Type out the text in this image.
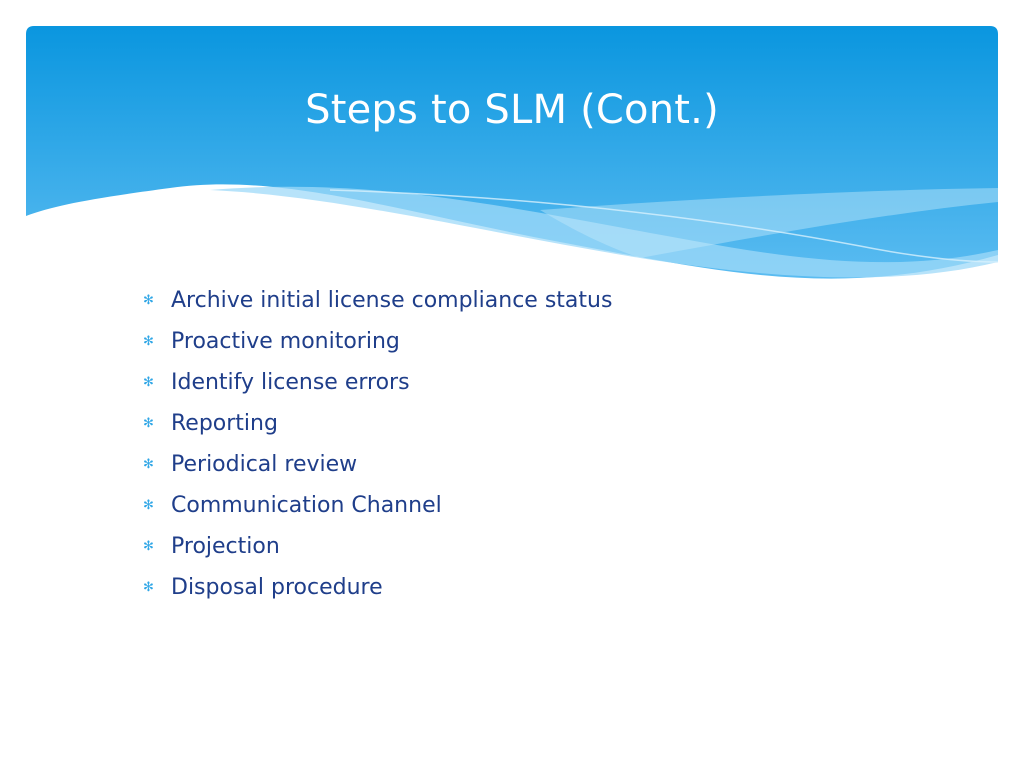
Steps to SLM (Cont.)
✻ Archive initial license compliance status
✻ Proactive monitoring
✻ Identify license errors
✻ Reporting
✻ Periodical review
✻ Communication Channel
✻ Projection
✻ Disposal procedure
